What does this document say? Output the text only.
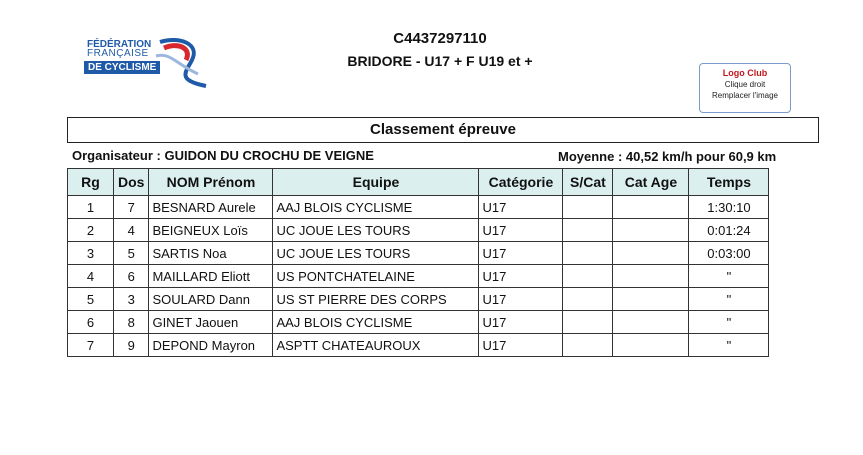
FÉDÉRATION
FRANÇAISE
DE CYCLISME
C4437297110
BRIDORE - U17 + F U19 et +
Logo Club
Clique droit
Remplacer l'image
Classement épreuve
Organisateur : GUIDON DU CROCHU DE VEIGNE	Moyenne : 40,52 km/h pour 60,9 km
Rg	Dos	NOM Prénom	Equipe	Catégorie	S/Cat	Cat Age	Temps
1	7	BESNARD Aurele	AAJ BLOIS CYCLISME	U17			1:30:10
2	4	BEIGNEUX Loïs	UC JOUE LES TOURS	U17			0:01:24
3	5	SARTIS Noa	UC JOUE LES TOURS	U17			0:03:00
4	6	MAILLARD Eliott	US PONTCHATELAINE	U17			"
5	3	SOULARD Dann	US ST PIERRE DES CORPS	U17			"
6	8	GINET Jaouen	AAJ BLOIS CYCLISME	U17			"
7	9	DEPOND Mayron	ASPTT CHATEAUROUX	U17			"
